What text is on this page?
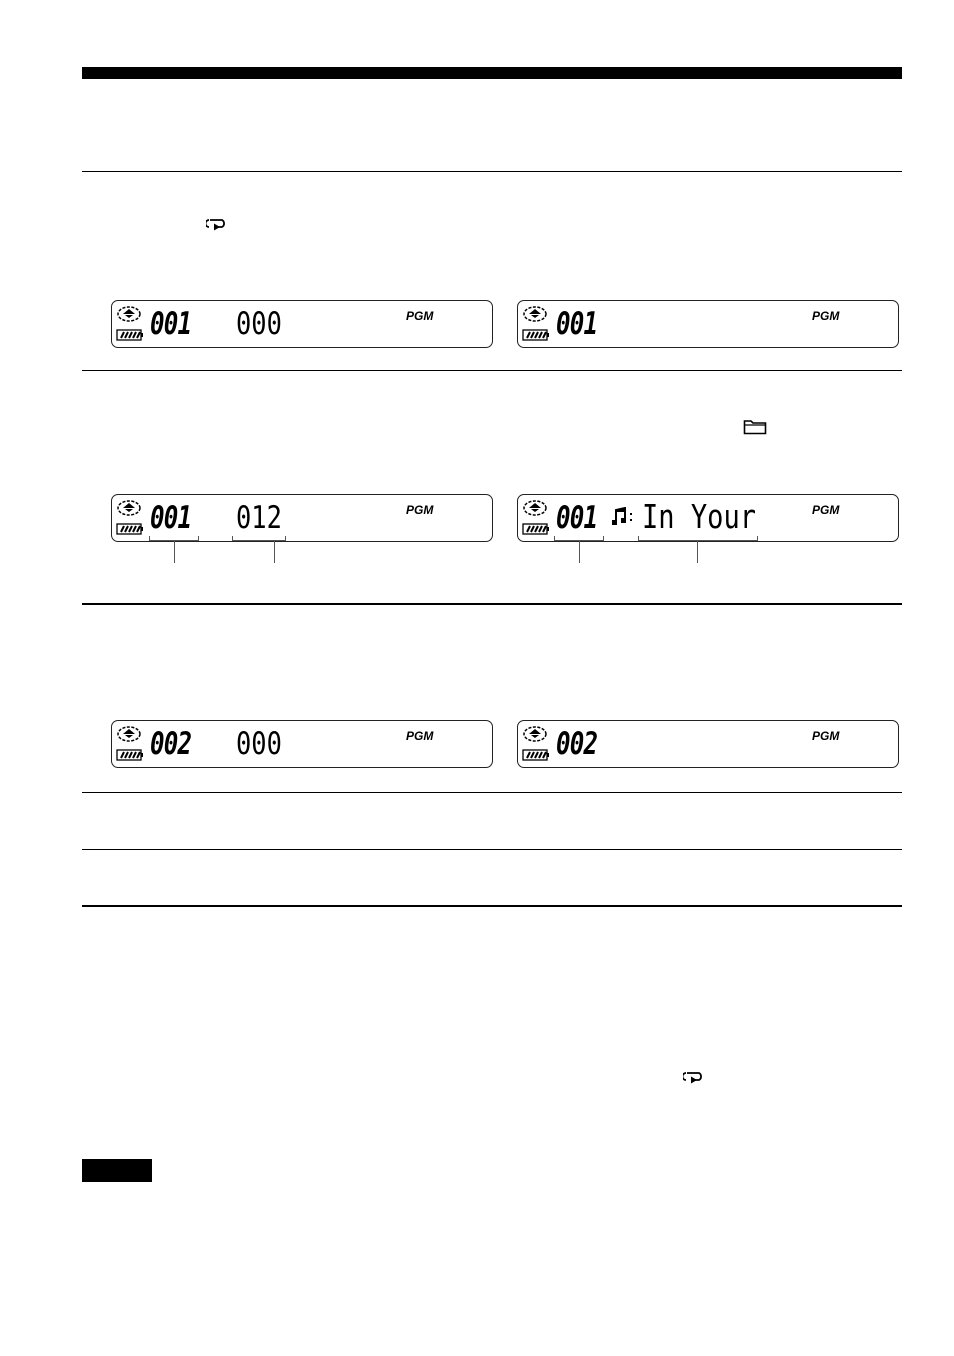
001 000	PGM	001	PGM
001 012	PGM	001 In Your	PGM
002 000	PGM	002	PGM
